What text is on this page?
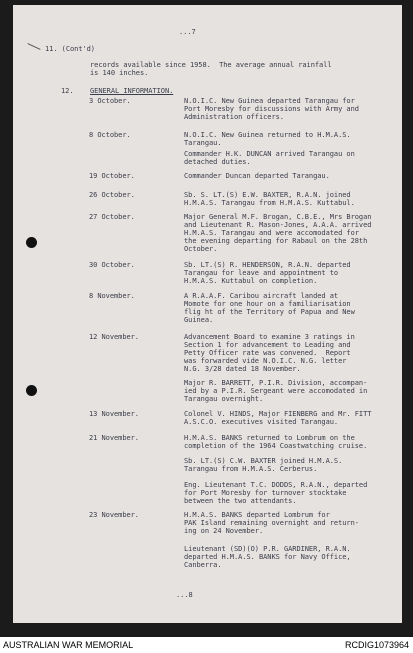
...7
11. (Cont'd)
records available since 1958.  The average annual rainfall
is 140 inches.
12. GENERAL INFORMATION.
3 October.	N.O.I.C. New Guinea departed Tarangau for
Port Moresby for discussions with Army and
Administration officers.
8 October.	N.O.I.C. New Guinea returned to H.M.A.S.
Tarangau.
Commander H.K. DUNCAN arrived Tarangau on
detached duties.
19 October.	Commander Duncan departed Tarangau.
26 October.	Sb. S. LT.(S) E.W. BAXTER, R.A.N. joined
H.M.A.S. Tarangau from H.M.A.S. Kuttabul.
27 October.	Major General M.F. Brogan, C.B.E., Mrs Brogan
and Lieutenant R. Mason-Jones, A.A.A. arrived
H.M.A.S. Tarangau and were accomodated for
the evening departing for Rabaul on the 28th
October.
30 October.	Sb. LT.(S) R. HENDERSON, R.A.N. departed
Tarangau for leave and appointment to
H.M.A.S. Kuttabul on completion.
8 November.	A R.A.A.F. Caribou aircraft landed at
Momote for one hour on a familiarisation
flig ht of the Territory of Papua and New
Guinea.
12 November.	Advancement Board to examine 3 ratings in
Section 1 for advancement to Leading and
Petty Officer rate was convened.  Report
was forwarded vide N.O.I.C. N.G. letter
N.G. 3/28 dated 18 November.
Major R. BARRETT, P.I.R. Division, accompan-
ied by a P.I.R. Sergeant were accomodated in
Tarangau overnight.
13 November.	Colonel V. HINDS, Major FIENBERG and Mr. FITT
A.S.C.O. executives visited Tarangau.
21 November.	H.M.A.S. BANKS returned to Lombrum on the
completion of the 1964 Coastwatching cruise.
Sb. LT.(S) C.W. BAXTER joined H.M.A.S.
Tarangau from H.M.A.S. Cerberus.
Eng. Lieutenant T.C. DODDS, R.A.N., departed
for Port Moresby for turnover stocktake
between the two attendants.
23 November.	H.M.A.S. BANKS departed Lombrum for
PAK Island remaining overnight and return-
ing on 24 November.
Lieutenant (SD)(O) P.R. GARDINER, R.A.N.
departed H.M.A.S. BANKS for Navy Office,
Canberra.
...8
AUSTRALIAN WAR MEMORIAL	RCDIG1073964
